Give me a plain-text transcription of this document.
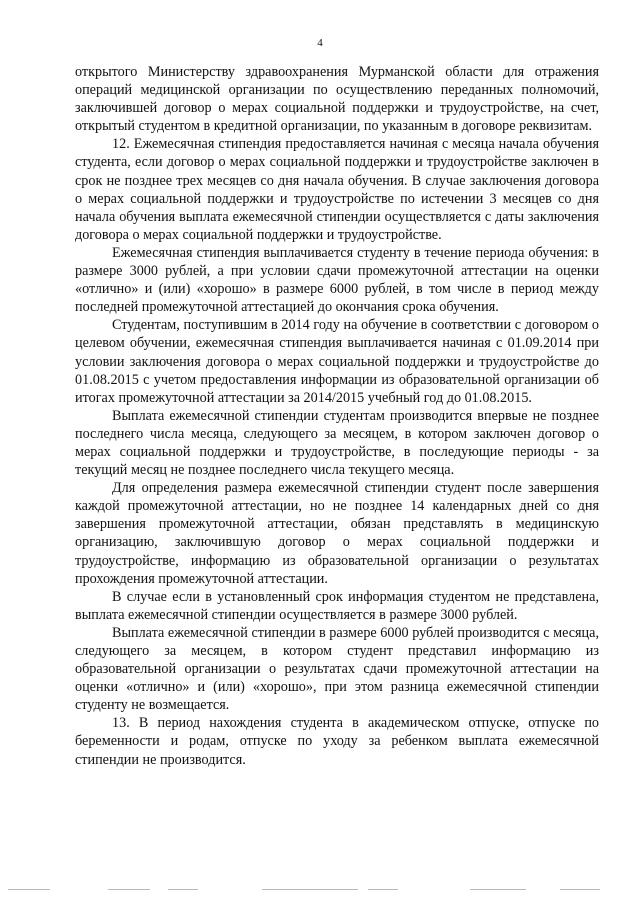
4

открытого Министерству здравоохранения Мурманской области для отражения операций медицинской организации по осуществлению переданных полномочий, заключившей договор о мерах социальной поддержки и трудоустройстве, на счет, открытый студентом в кредитной организации, по указанным в договоре реквизитам.

12. Ежемесячная стипендия предоставляется начиная с месяца начала обучения студента, если договор о мерах социальной поддержки и трудоустройстве заключен в срок не позднее трех месяцев со дня начала обучения. В случае заключения договора о мерах социальной поддержки и трудоустройстве по истечении 3 месяцев со дня начала обучения выплата ежемесячной стипендии осуществляется с даты заключения договора о мерах социальной поддержки и трудоустройстве.

Ежемесячная стипендия выплачивается студенту в течение периода обучения: в размере 3000 рублей, а при условии сдачи промежуточной аттестации на оценки «отлично» и (или) «хорошо» в размере 6000 рублей, в том числе в период между последней промежуточной аттестацией до окончания срока обучения.

Студентам, поступившим в 2014 году на обучение в соответствии с договором о целевом обучении, ежемесячная стипендия выплачивается начиная с 01.09.2014 при условии заключения договора о мерах социальной поддержки и трудоустройстве до 01.08.2015 с учетом предоставления информации из образовательной организации об итогах промежуточной аттестации за 2014/2015 учебный год до 01.08.2015.

Выплата ежемесячной стипендии студентам производится впервые не позднее последнего числа месяца, следующего за месяцем, в котором заключен договор о мерах социальной поддержки и трудоустройстве, в последующие периоды - за текущий месяц не позднее последнего числа текущего месяца.

Для определения размера ежемесячной стипендии студент после завершения каждой промежуточной аттестации, но не позднее 14 календарных дней со дня завершения промежуточной аттестации, обязан представлять в медицинскую организацию, заключившую договор о мерах социальной поддержки и трудоустройстве, информацию из образовательной организации о результатах прохождения промежуточной аттестации.

В случае если в установленный срок информация студентом не представлена, выплата ежемесячной стипендии осуществляется в размере 3000 рублей.

Выплата ежемесячной стипендии в размере 6000 рублей производится с месяца, следующего за месяцем, в котором студент представил информацию из образовательной организации о результатах сдачи промежуточной аттестации на оценки «отлично» и (или) «хорошо», при этом разница ежемесячной стипендии студенту не возмещается.

13. В период нахождения студента в академическом отпуске, отпуске по беременности и родам, отпуске по уходу за ребенком выплата ежемесячной стипендии не производится.
